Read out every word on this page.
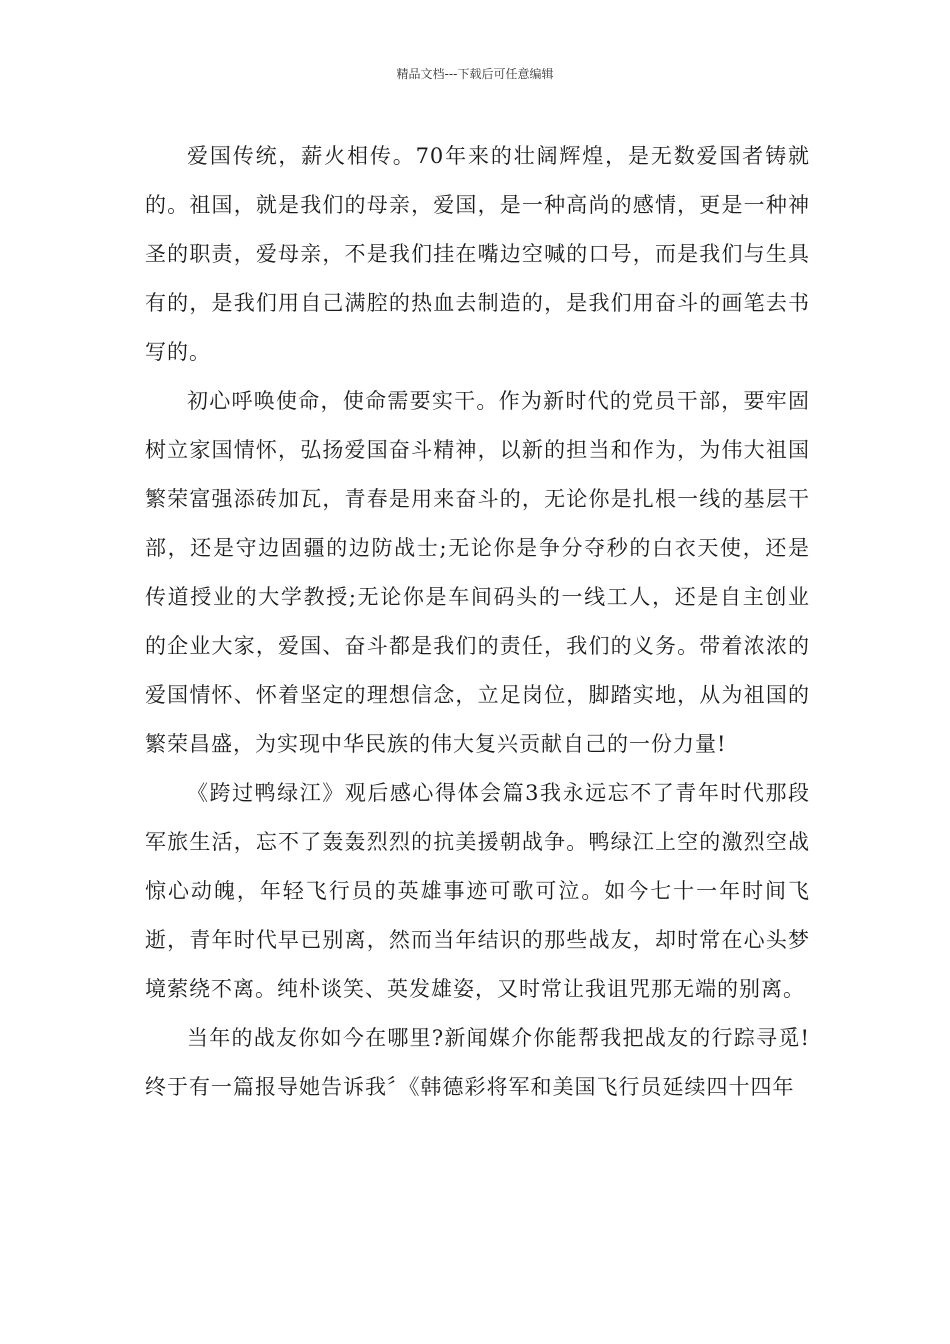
精品文档---下载后可任意编辑

爱国传统，薪火相传。70年来的壮阔辉煌，是无数爱国者铸就的。祖国，就是我们的母亲，爱国，是一种高尚的感情，更是一种神圣的职责，爱母亲，不是我们挂在嘴边空喊的口号，而是我们与生具有的，是我们用自己满腔的热血去制造的，是我们用奋斗的画笔去书写的。

初心呼唤使命，使命需要实干。作为新时代的党员干部，要牢固树立家国情怀，弘扬爱国奋斗精神，以新的担当和作为，为伟大祖国繁荣富强添砖加瓦，青春是用来奋斗的，无论你是扎根一线的基层干部，还是守边固疆的边防战士;无论你是争分夺秒的白衣天使，还是传道授业的大学教授;无论你是车间码头的一线工人，还是自主创业的企业大家，爱国、奋斗都是我们的责任，我们的义务。带着浓浓的爱国情怀、怀着坚定的理想信念，立足岗位，脚踏实地，从为祖国的繁荣昌盛，为实现中华民族的伟大复兴贡献自己的一份力量!

《跨过鸭绿江》观后感心得体会篇3我永远忘不了青年时代那段军旅生活，忘不了轰轰烈烈的抗美援朝战争。鸭绿江上空的激烈空战惊心动魄，年轻飞行员的英雄事迹可歌可泣。如今七十一年时间飞逝，青年时代早已别离，然而当年结识的那些战友，却时常在心头梦境萦绕不离。纯朴谈笑、英发雄姿，又时常让我诅咒那无端的别离。

当年的战友你如今在哪里?新闻媒介你能帮我把战友的行踪寻觅!终于有一篇报导她告诉我〞《韩德彩将军和美国飞行员延续四十四年
